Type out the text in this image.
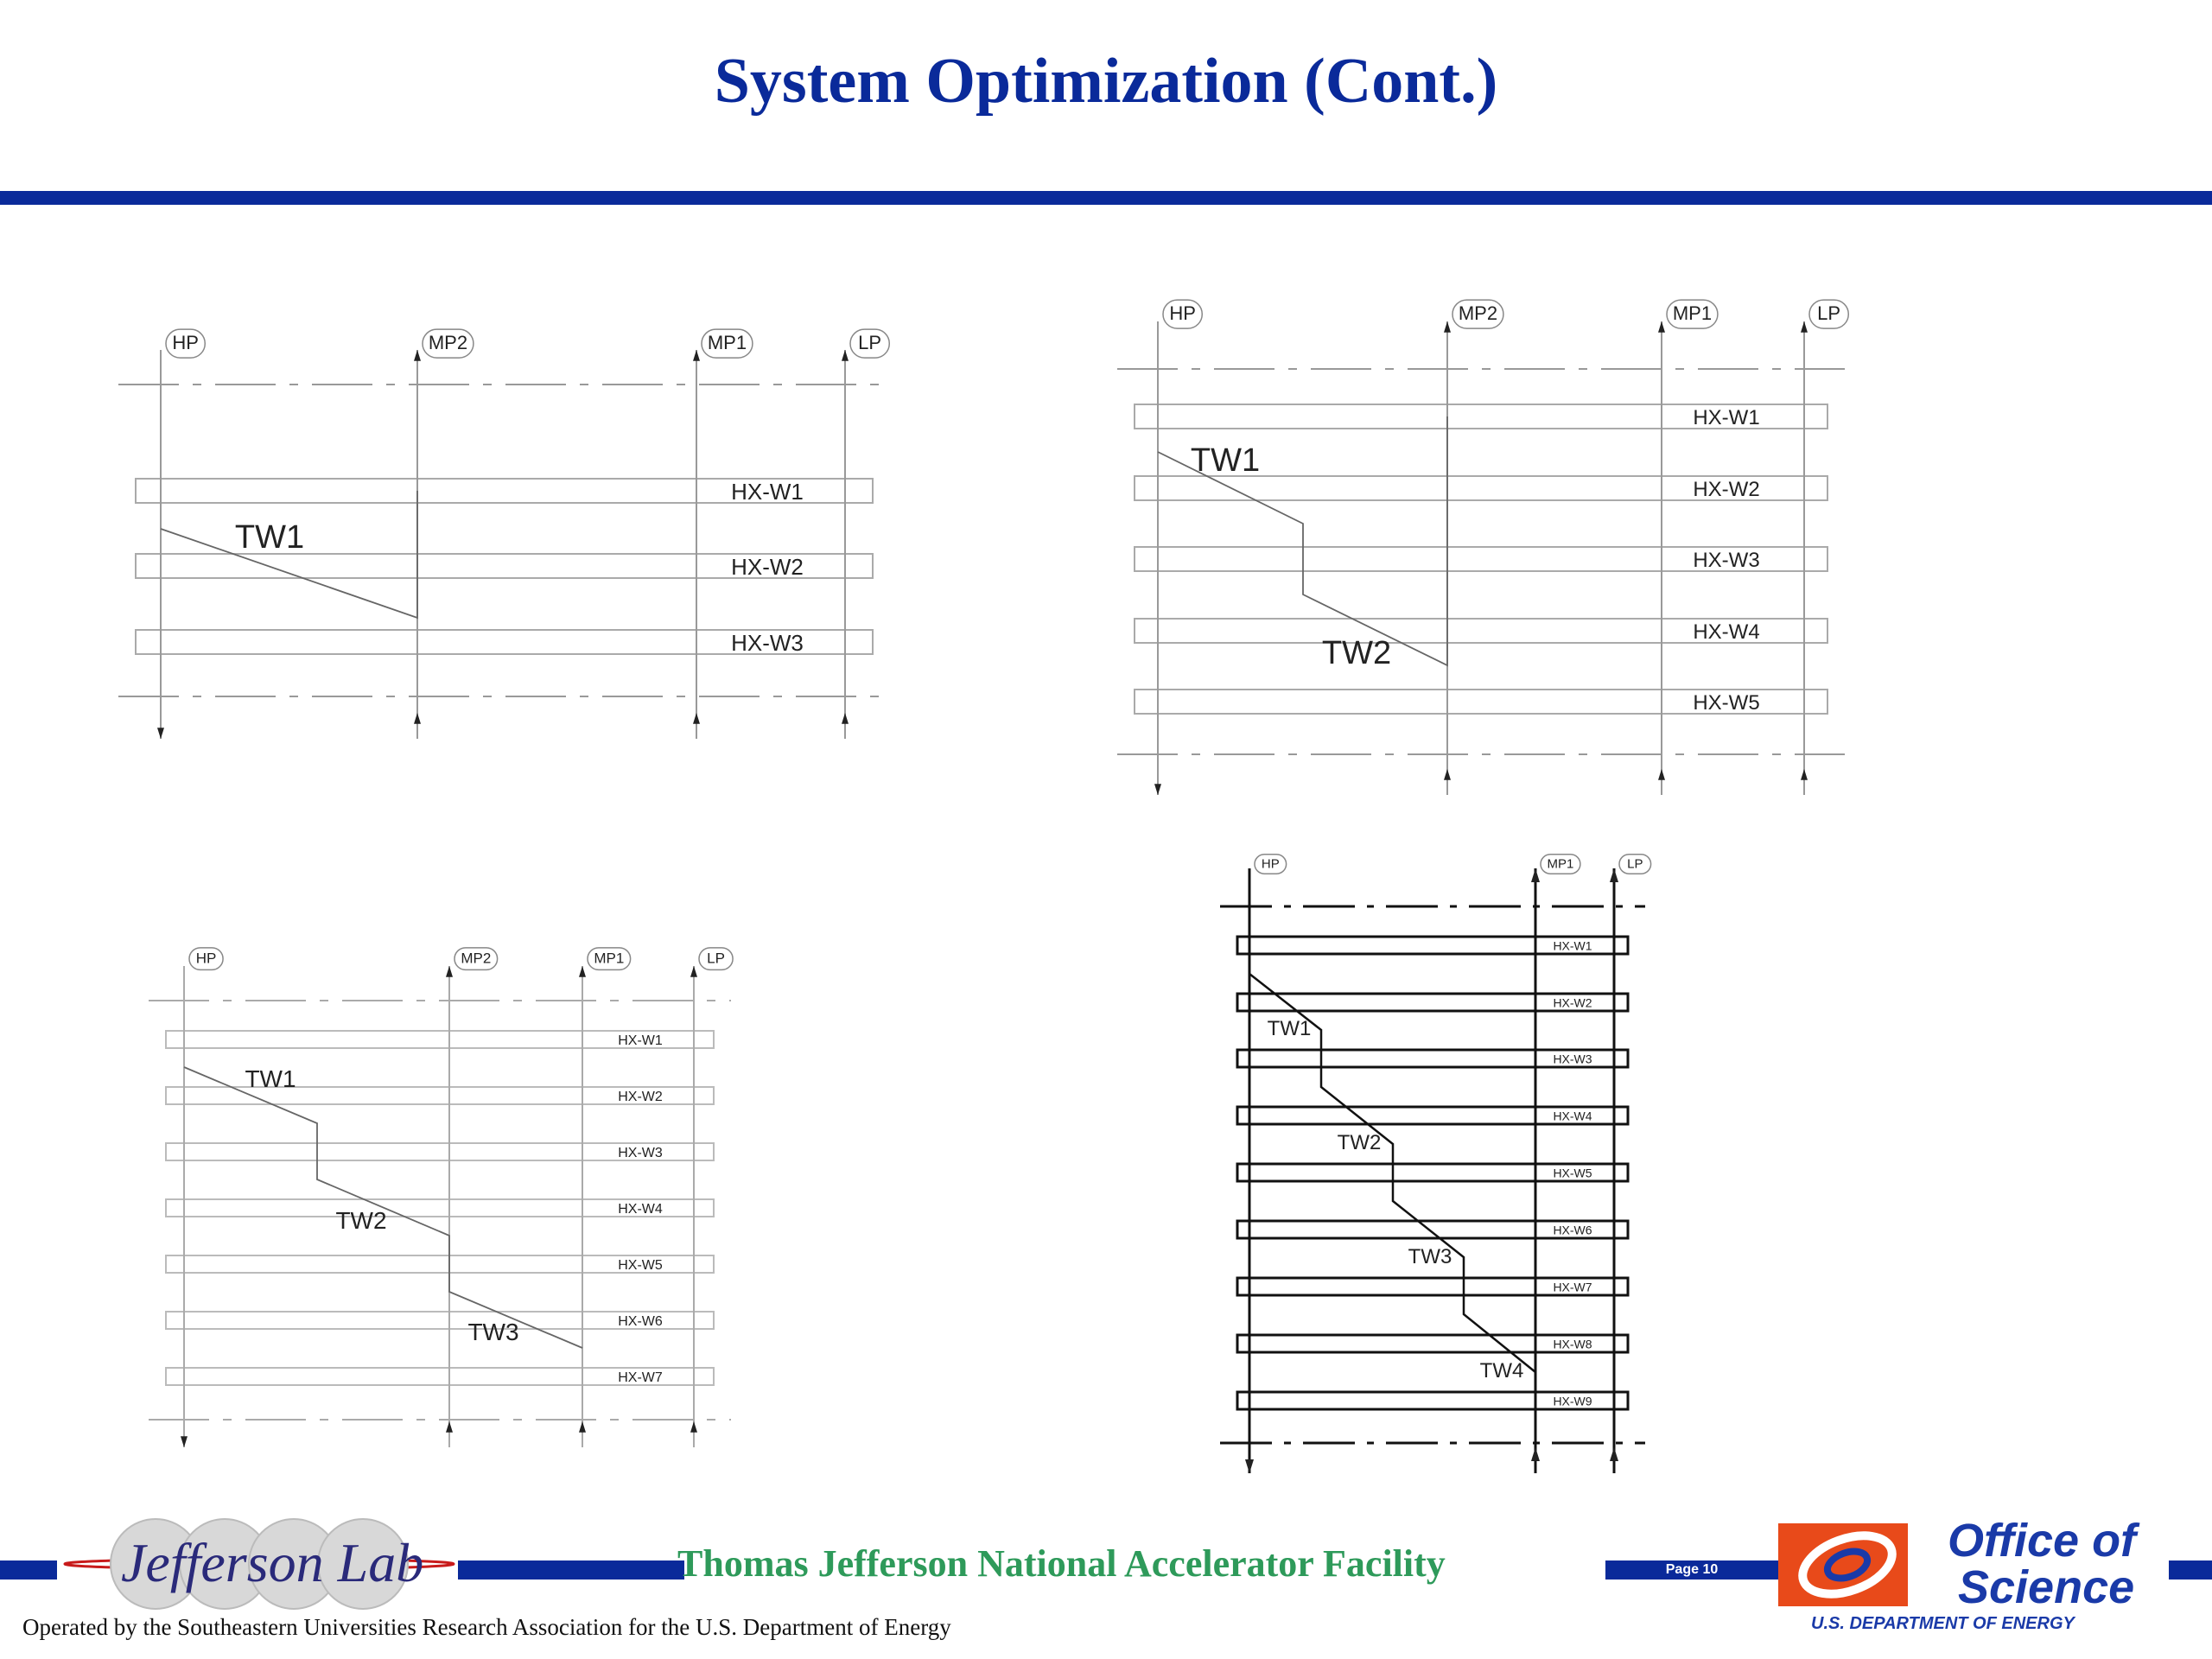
System Optimization (Cont.)
HX-W1
HX-W2
HX-W3
HP	MP2	MP1	LP
TW1
HX-W1
HX-W2
HX-W3
HX-W4
HX-W5
HP	MP2	MP1	LP
TW1
TW2
HX-W1
HX-W2
HX-W3
HX-W4
HX-W5
HX-W6
HX-W7
HP	MP2	MP1	LP
TW1
TW2
TW3
HX-W1
HX-W2
HX-W3
HX-W4
HX-W5
HX-W6
HX-W7
HX-W8
HX-W9
HP	MP1	LP
TW1
TW2
TW3
TW4
Page 10
Jefferson Lab	Thomas Jefferson National Accelerator Facility
Operated by the Southeastern Universities Research Association for the U.S. Department of Energy
Office of
Science
U.S. DEPARTMENT OF ENERGY
